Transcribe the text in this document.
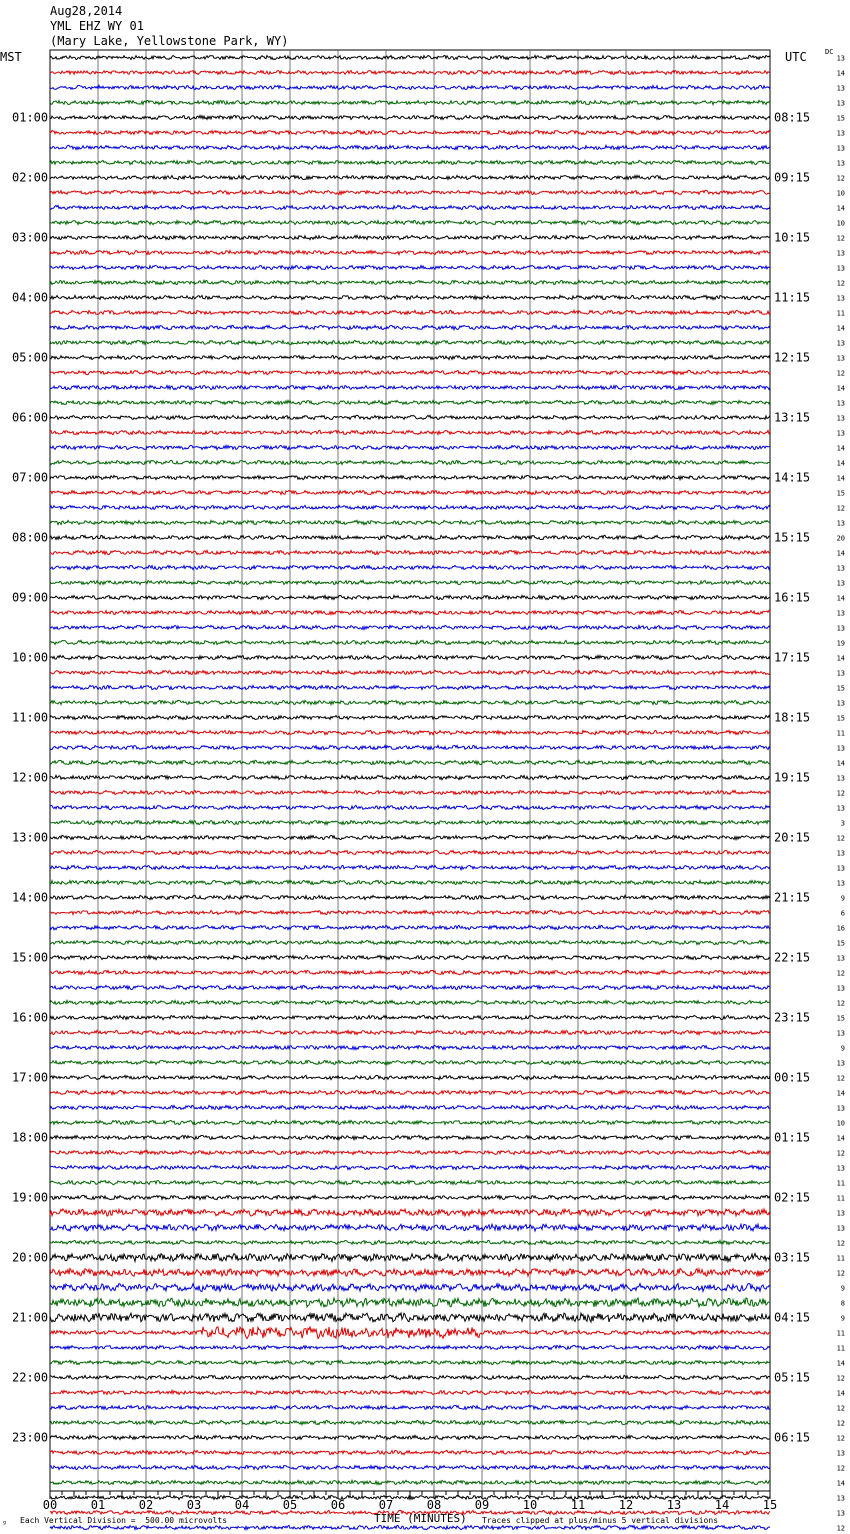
01:00
02:00
03:00
04:00
05:00
06:00
07:00
08:00
09:00
10:00
11:00
12:00
13:00
14:00
15:00
16:00
17:00
18:00
19:00
20:00
21:00
22:00
23:00
08:15
09:15
10:15
11:15
12:15
13:15
14:15
15:15
16:15
17:15
18:15
19:15
20:15
21:15
22:15
23:15
00:15
01:15
02:15
03:15
04:15
05:15
06:15
13
14
13
13
15
13
13
13
12
10
14
10
12
13
13
12
13
11
14
13
13
12
14
13
13
13
14
14
14
15
12
13
20
14
13
13
14
13
13
19
14
13
15
13
15
11
13
14
13
12
13
3
12
13
13
13
9
6
16
15
13
12
13
12
15
13
9
13
12
14
13
10
14
12
13
11
11
13
13
12
11
12
9
8
9
11
11
14
12
14
12
12
12
13
12
14
13
13
12
00	01	02	03	04	05	06	07	08	09	10	11	12	13	14	15
Aug28,2014
YML EHZ WY 01
(Mary Lake, Yellowstone Park, WY)
MST	UTC	DC
ᵍ Each Vertical Division =  500.00 microvolts	TIME (MINUTES) Traces clipped at plus/minus 5 vertical divisions
